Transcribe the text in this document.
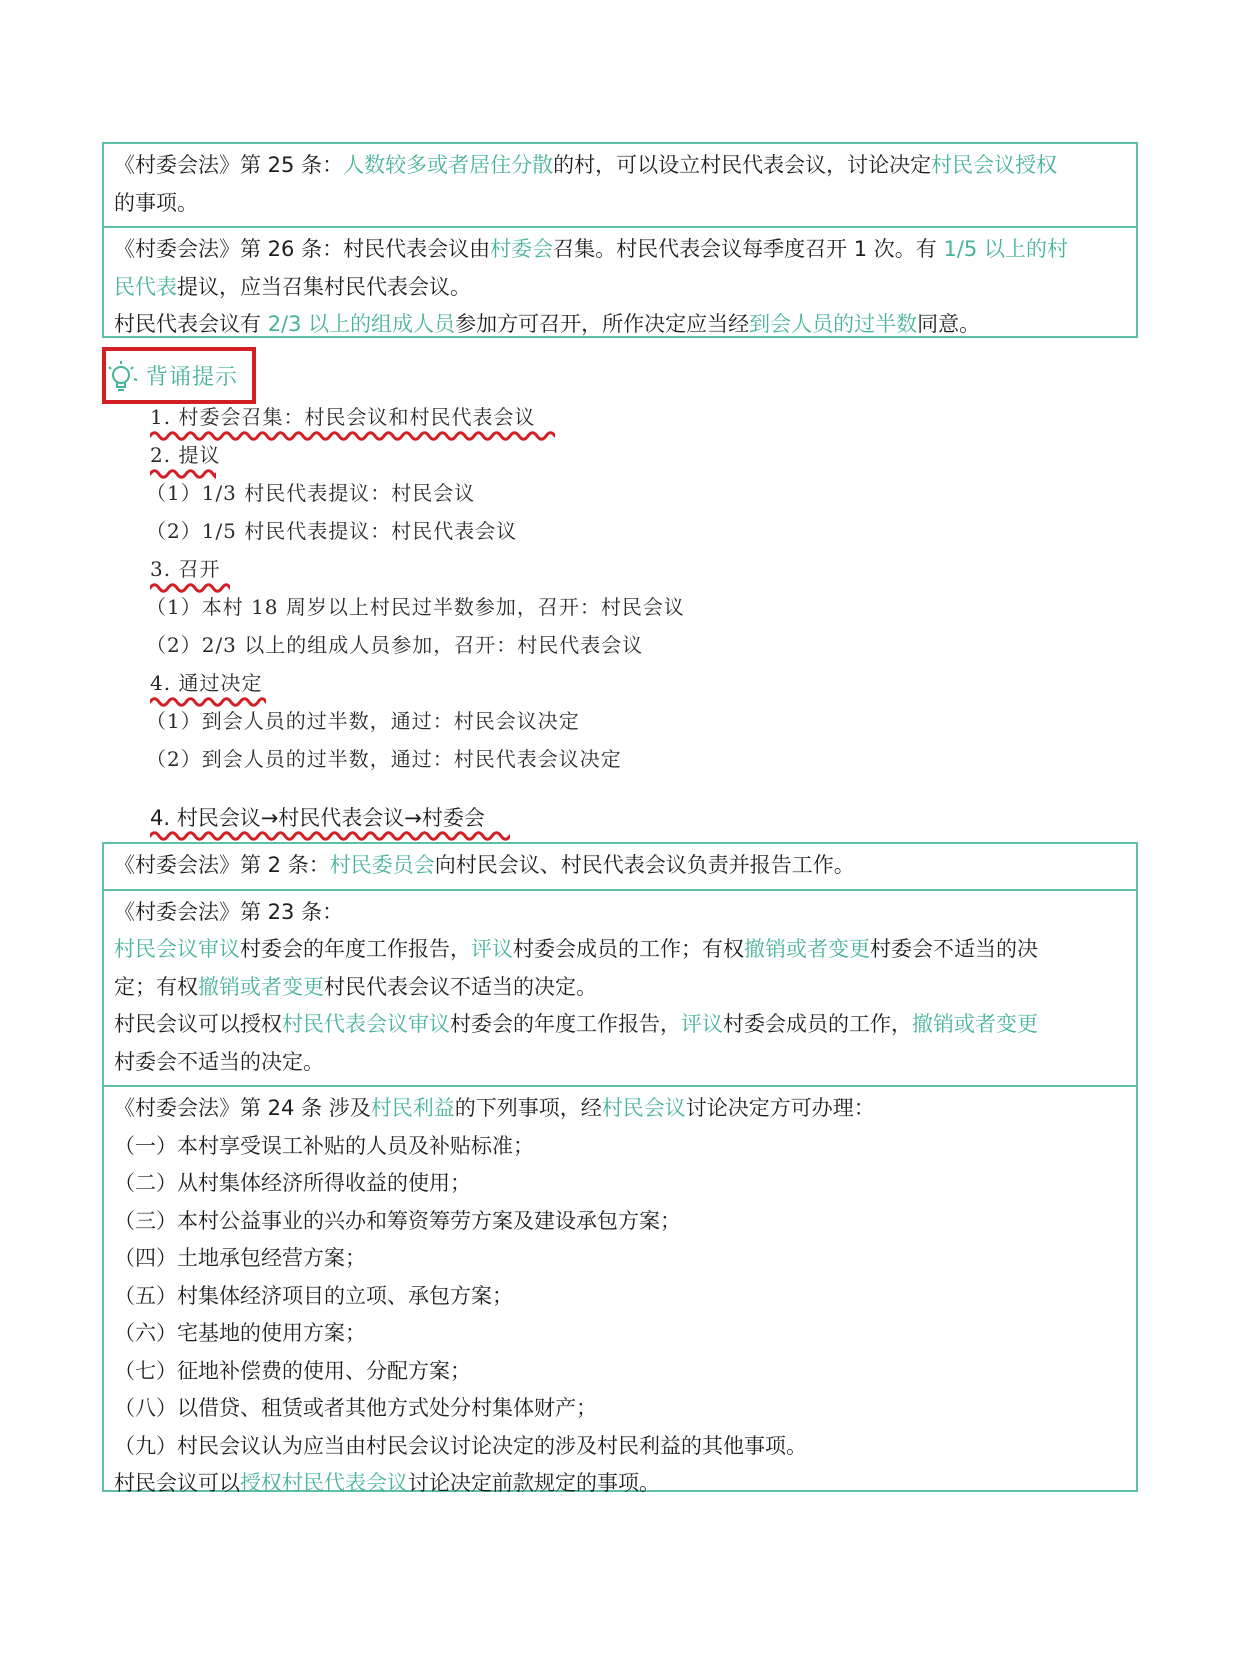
《村委会法》第 25 条：人数较多或者居住分散的村，可以设立村民代表会议，讨论决定村民会议授权
的事项。
《村委会法》第 26 条：村民代表会议由村委会召集。村民代表会议每季度召开 1 次。有 1/5 以上的村
民代表提议，应当召集村民代表会议。
村民代表会议有 2/3 以上的组成人员参加方可召开，所作决定应当经到会人员的过半数同意。
背诵提示
1. 村委会召集：村民会议和村民代表会议
2. 提议
（1）1/3 村民代表提议：村民会议
（2）1/5 村民代表提议：村民代表会议
3. 召开
（1）本村 18 周岁以上村民过半数参加，召开：村民会议
（2）2/3 以上的组成人员参加，召开：村民代表会议
4. 通过决定
（1）到会人员的过半数，通过：村民会议决定
（2）到会人员的过半数，通过：村民代表会议决定
4. 村民会议→村民代表会议→村委会
《村委会法》第 2 条：村民委员会向村民会议、村民代表会议负责并报告工作。
《村委会法》第 23 条：
村民会议审议村委会的年度工作报告，评议村委会成员的工作；有权撤销或者变更村委会不适当的决
定；有权撤销或者变更村民代表会议不适当的决定。
村民会议可以授权村民代表会议审议村委会的年度工作报告，评议村委会成员的工作，撤销或者变更
村委会不适当的决定。
《村委会法》第 24 条 涉及村民利益的下列事项，经村民会议讨论决定方可办理：
（一）本村享受误工补贴的人员及补贴标准；
（二）从村集体经济所得收益的使用；
（三）本村公益事业的兴办和筹资筹劳方案及建设承包方案；
（四）土地承包经营方案；
（五）村集体经济项目的立项、承包方案；
（六）宅基地的使用方案；
（七）征地补偿费的使用、分配方案；
（八）以借贷、租赁或者其他方式处分村集体财产；
（九）村民会议认为应当由村民会议讨论决定的涉及村民利益的其他事项。
村民会议可以授权村民代表会议讨论决定前款规定的事项。
